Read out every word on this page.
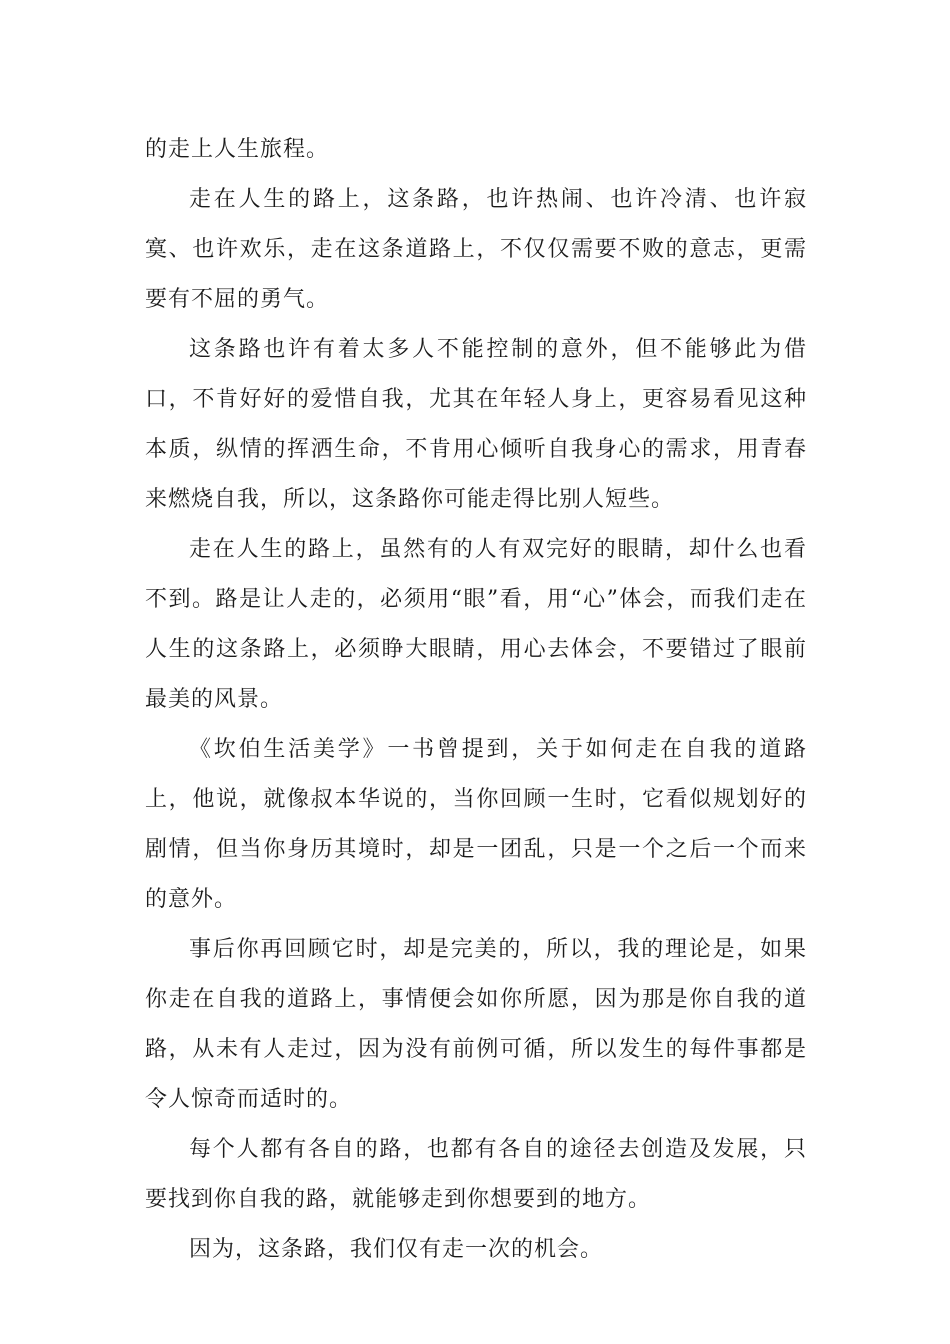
的走上人生旅程。

走在人生的路上，这条路，也许热闹、也许冷清、也许寂寞、也许欢乐，走在这条道路上，不仅仅需要不败的意志，更需要有不屈的勇气。

这条路也许有着太多人不能控制的意外，但不能够此为借口，不肯好好的爱惜自我，尤其在年轻人身上，更容易看见这种本质，纵情的挥洒生命，不肯用心倾听自我身心的需求，用青春来燃烧自我，所以，这条路你可能走得比别人短些。

走在人生的路上，虽然有的人有双完好的眼睛，却什么也看不到。路是让人走的，必须用“眼”看，用“心”体会，而我们走在人生的这条路上，必须睁大眼睛，用心去体会，不要错过了眼前最美的风景。

《坎伯生活美学》一书曾提到，关于如何走在自我的道路上，他说，就像叔本华说的，当你回顾一生时，它看似规划好的剧情，但当你身历其境时，却是一团乱，只是一个之后一个而来的意外。

事后你再回顾它时，却是完美的，所以，我的理论是，如果你走在自我的道路上，事情便会如你所愿，因为那是你自我的道路，从未有人走过，因为没有前例可循，所以发生的每件事都是令人惊奇而适时的。

每个人都有各自的路，也都有各自的途径去创造及发展，只要找到你自我的路，就能够走到你想要到的地方。

因为，这条路，我们仅有走一次的机会。
